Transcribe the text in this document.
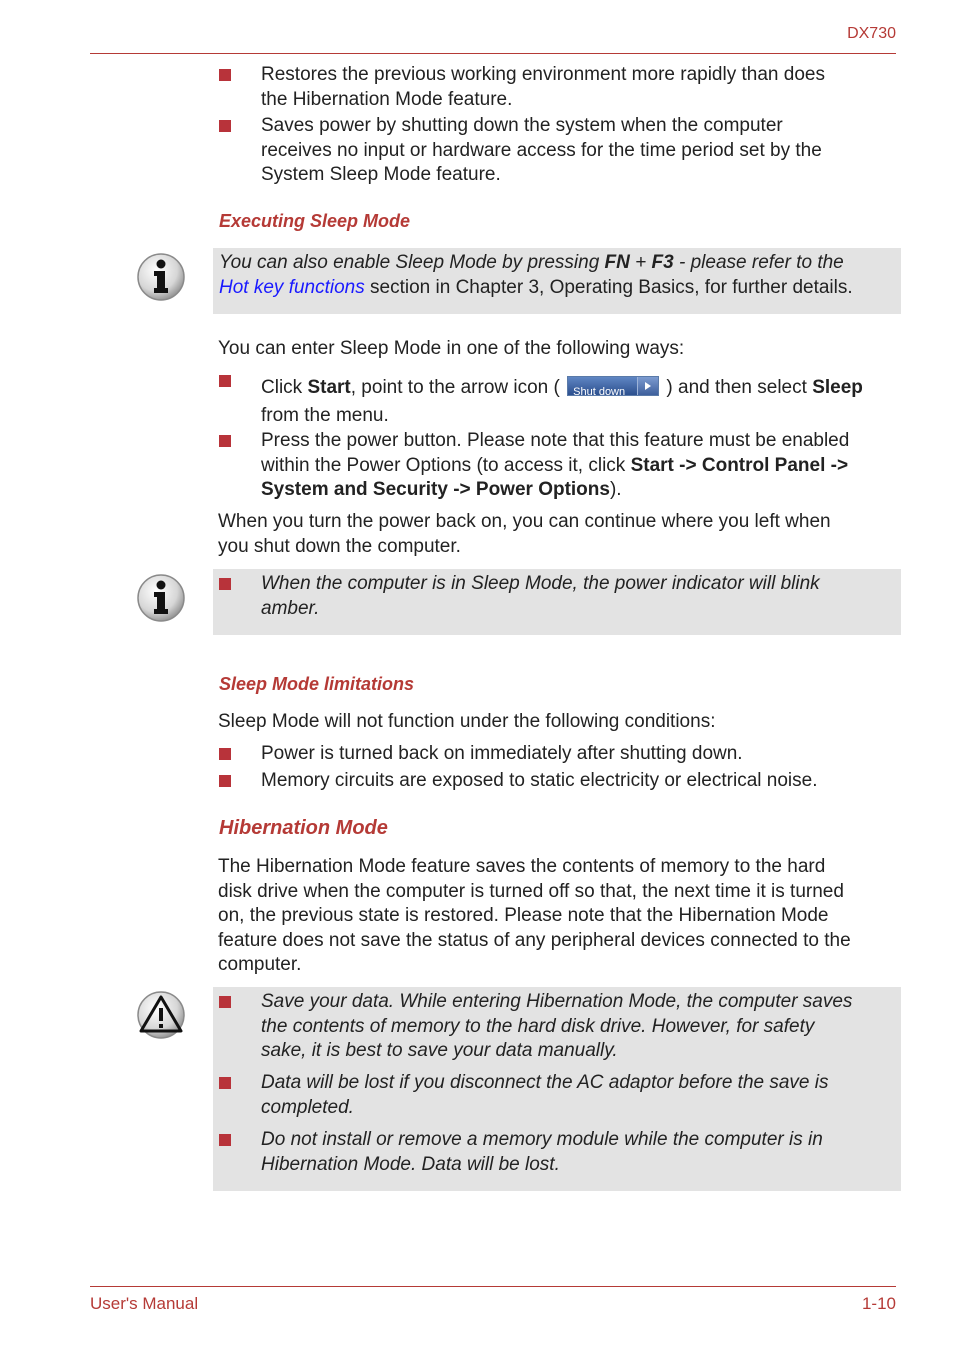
DX730
Restores the previous working environment more rapidly than does
the Hibernation Mode feature.
Saves power by shutting down the system when the computer
receives no input or hardware access for the time period set by the
System Sleep Mode feature.
Executing Sleep Mode
You can also enable Sleep Mode by pressing FN + F3 - please refer to the
Hot key functions section in Chapter 3, Operating Basics, for further details.
You can enter Sleep Mode in one of the following ways:
Click Start, point to the arrow icon ( Shut down ) and then select Sleep
from the menu.
Press the power button. Please note that this feature must be enabled
within the Power Options (to access it, click Start -> Control Panel ->
System and Security -> Power Options).
When you turn the power back on, you can continue where you left when
you shut down the computer.
When the computer is in Sleep Mode, the power indicator will blink
amber.
Sleep Mode limitations
Sleep Mode will not function under the following conditions:
Power is turned back on immediately after shutting down.
Memory circuits are exposed to static electricity or electrical noise.
Hibernation Mode
The Hibernation Mode feature saves the contents of memory to the hard
disk drive when the computer is turned off so that, the next time it is turned
on, the previous state is restored. Please note that the Hibernation Mode
feature does not save the status of any peripheral devices connected to the
computer.
Save your data. While entering Hibernation Mode, the computer saves
the contents of memory to the hard disk drive. However, for safety
sake, it is best to save your data manually.
Data will be lost if you disconnect the AC adaptor before the save is
completed.
Do not install or remove a memory module while the computer is in
Hibernation Mode. Data will be lost.
User's Manual	1-10
